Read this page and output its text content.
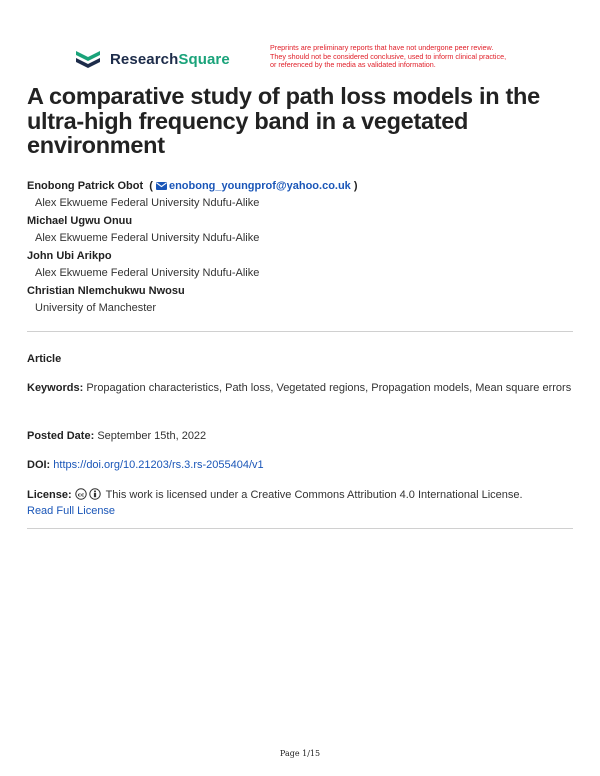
ResearchSquare
Preprints are preliminary reports that have not undergone peer review.
They should not be considered conclusive, used to inform clinical practice,
or referenced by the media as validated information.
A comparative study of path loss models in the ultra-high frequency band in a vegetated environment
Enobong Patrick Obot  ( enobong_youngprof@yahoo.co.uk )
Alex Ekwueme Federal University Ndufu-Alike
Michael Ugwu Onuu
Alex Ekwueme Federal University Ndufu-Alike
John Ubi Arikpo
Alex Ekwueme Federal University Ndufu-Alike
Christian Nlemchukwu Nwosu
University of Manchester
Article
Keywords: Propagation characteristics, Path loss, Vegetated regions, Propagation models, Mean square errors
Posted Date: September 15th, 2022
DOI: https://doi.org/10.21203/rs.3.rs-2055404/v1
License: cc This work is licensed under a Creative Commons Attribution 4.0 International License.
Read Full License
Page 1/15
